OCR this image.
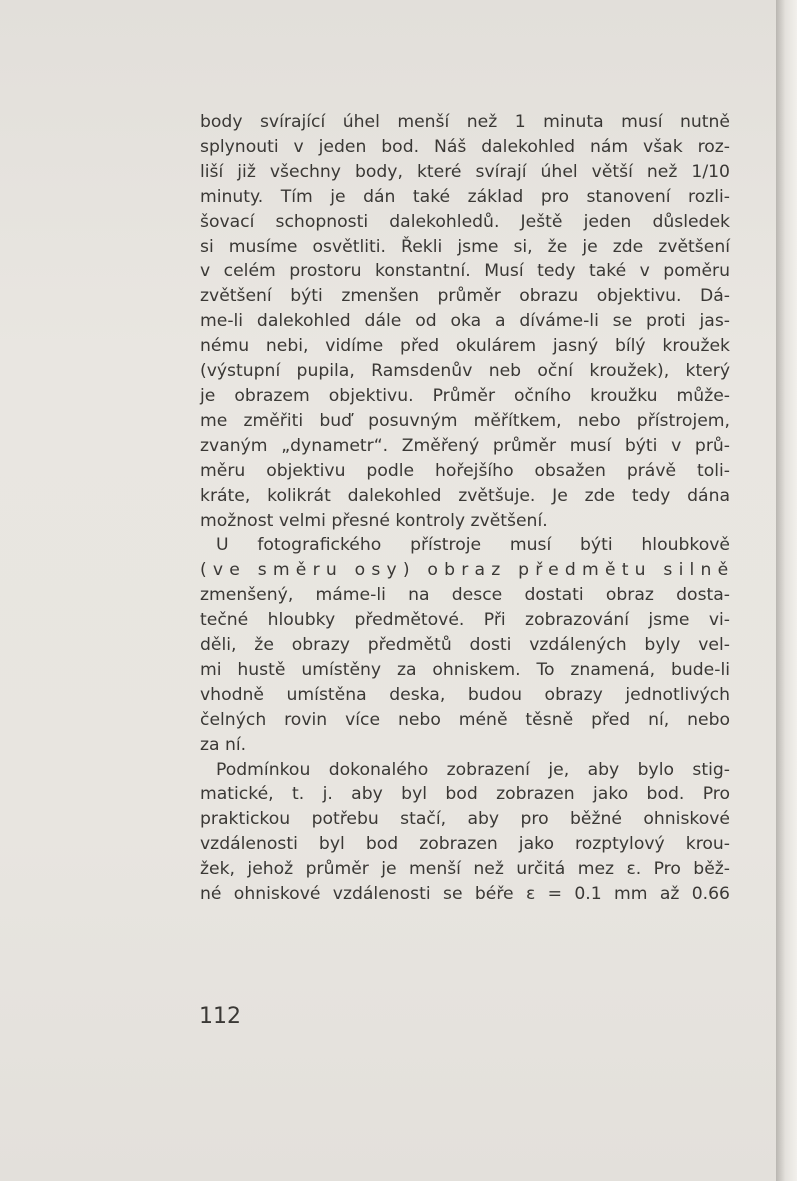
body svírající úhel menší než 1 minuta musí nutně
splynouti v jeden bod. Náš dalekohled nám však roz-
liší již všechny body, které svírají úhel větší než 1/10
minuty. Tím je dán také základ pro stanovení rozli-
šovací schopnosti dalekohledů. Ještě jeden důsledek
si musíme osvětliti. Řekli jsme si, že je zde zvětšení
v celém prostoru konstantní. Musí tedy také v poměru
zvětšení býti zmenšen průměr obrazu objektivu. Dá-
me-li dalekohled dále od oka a díváme-li se proti jas-
nému nebi, vidíme před okulárem jasný bílý kroužek
(výstupní pupila, Ramsdenův neb oční kroužek), který
je obrazem objektivu. Průměr očního kroužku může-
me změřiti buď posuvným měřítkem, nebo přístrojem,
zvaným „dynametr“. Změřený průměr musí býti v prů-
měru objektivu podle hořejšího obsažen právě toli-
kráte, kolikrát dalekohled zvětšuje. Je zde tedy dána
možnost velmi přesné kontroly zvětšení.
U fotografického přístroje musí býti hloubkově
(ve směru osy) obraz předmětu silně
zmenšený, máme-li na desce dostati obraz dosta-
tečné hloubky předmětové. Při zobrazování jsme vi-
děli, že obrazy předmětů dosti vzdálených byly vel-
mi hustě umístěny za ohniskem. To znamená, bude-li
vhodně umístěna deska, budou obrazy jednotlivých
čelných rovin více nebo méně těsně před ní, nebo
za ní.
Podmínkou dokonalého zobrazení je, aby bylo stig-
matické, t. j. aby byl bod zobrazen jako bod. Pro
praktickou potřebu stačí, aby pro běžné ohniskové
vzdálenosti byl bod zobrazen jako rozptylový krou-
žek, jehož průměr je menší než určitá mez ε. Pro běž-
né ohniskové vzdálenosti se béře ε = 0.1 mm až 0.66
112
